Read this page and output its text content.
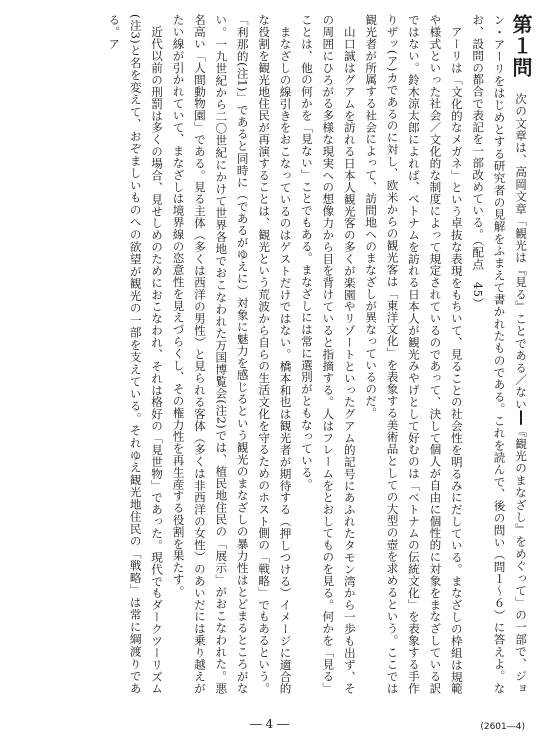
第１問  次の文章は、高岡文章「観光は『見る』ことである／ない━━『観光のまなざし』をめぐって」の一部で、ジョン・アーリをはじめとする研究者の見解をふまえて書かれたものである。これを読んで、後の問い（問１～６）に答えよ。なお、設問の都合で表記を一部改めている。（配点　45）

アーリは「文化的なメガネ」という卓抜な表現をもちいて、見ることの社会性を明るみにだしている。まなざしの枠組は規範や様式といった社会／文化的な制度によって規定されているのであって、決して個人が自由に個性的に対象をまなざしている訳ではない。鈴木涼太郎によれば、ベトナムを訪れる日本人が観光みやげとして好むのは「ベトナムの伝統文化」を表象する手作りザッ(ア)カであるのに対し、欧米からの観光客は「東洋文化」を表象する美術品としての大型の壺を求めるという。ここでは観光者が所属する社会によって、訪問地へのまなざしが異なっているのだ。

山口誠はグアムを訪れる日本人観光客の多くが楽園やリゾートといったグアム的記号にあふれたタモン湾から一歩も出ず、その周囲にひろがる多様な現実への想像力から目を背けていると指摘する。人はフレームをとおしてものを見る。何かを「見る」ことは、他の何かを「見ない」ことでもある。まなざしには常に選別がともなっている。

まなざしの線引きをおこなっているのはゲストだけではない。橋本和也は観光者が期待する（押しつける）イメージに適合的な役割を観光地住民が再演することは、観光という荒波から自らの生活文化を守るためのホスト側の「戦略」でもあるという。「利那的(注1)」であると同時に（であるがゆえに）対象に魅力を感じるという観光のまなざしの暴力性はとどまるところがない。一九世紀から二〇世紀にかけて世界各地でおこなわれた万国博覧会(注2)では、植民地住民の「展示」がおこなわれた。悪名高い「人間動物園」である。見る主体（多くは西洋の男性）と見られる客体（多くは非西洋の女性）のあいだには乗り越えがたい線が引かれていて、まなざしは境界線の恣意性を見えづらくし、その権力性を再生産する役割を果たす。

近代以前の刑罰は多くの場合、見せしめのためにおこなわれ、それは格好の「見世物」であった。現代でもダークツーリズム(注3)と名を変えて、おぞましいものへの欲望が観光の一部を支えている。それゆえ観光地住民の「戦略」は常に綱渡りである。ア

― 4 ―	(2601―4)
